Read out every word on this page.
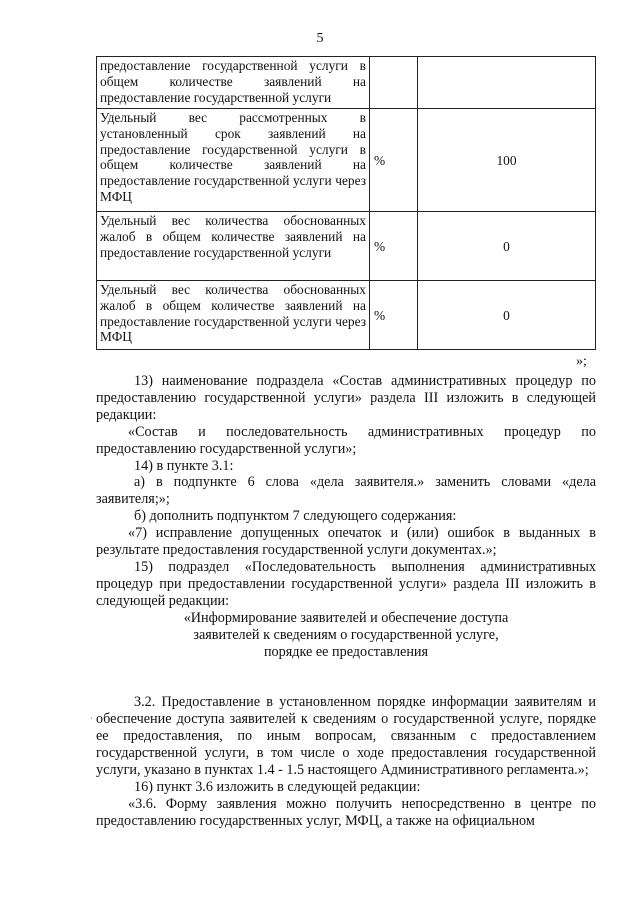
5
предоставление государственной услуги в общем количестве заявлений на предоставление государственной услуги		
Удельный вес рассмотренных в установленный срок заявлений на предоставление государственной услуги в общем количестве заявлений на предоставление государственной услуги через МФЦ	%	100
Удельный вес количества обоснованных жалоб в общем количестве заявлений на предоставление государственной услуги	%	0
Удельный вес количества обоснованных жалоб в общем количестве заявлений на предоставление государственной услуги через МФЦ	%	0
»;

13) наименование подраздела «Состав административных процедур по предоставлению государственной услуги» раздела III изложить в следующей редакции:

«Состав и последовательность административных процедур по предоставлению государственной услуги»;

14) в пункте 3.1:

а) в подпункте 6 слова «дела заявителя.» заменить словами «дела заявителя;»;

б) дополнить подпунктом 7 следующего содержания:

«7) исправление допущенных опечаток и (или) ошибок в выданных в результате предоставления государственной услуги документах.»;

15) подраздел «Последовательность выполнения административных процедур при предоставлении государственной услуги» раздела III изложить в следующей редакции:

«Информирование заявителей и обеспечение доступа

заявителей к сведениям о государственной услуге,

порядке ее предоставления

3.2. Предоставление в установленном порядке информации заявителям и обеспечение доступа заявителей к сведениям о государственной услуге, порядке ее предоставления, по иным вопросам, связанным с предоставлением государственной услуги, в том числе о ходе предоставления государственной услуги, указано в пунктах 1.4 - 1.5 настоящего Административного регламента.»;

16) пункт 3.6 изложить в следующей редакции:

«3.6. Форму заявления можно получить непосредственно в центре по предоставлению государственных услуг, МФЦ, а также на официальном

·
